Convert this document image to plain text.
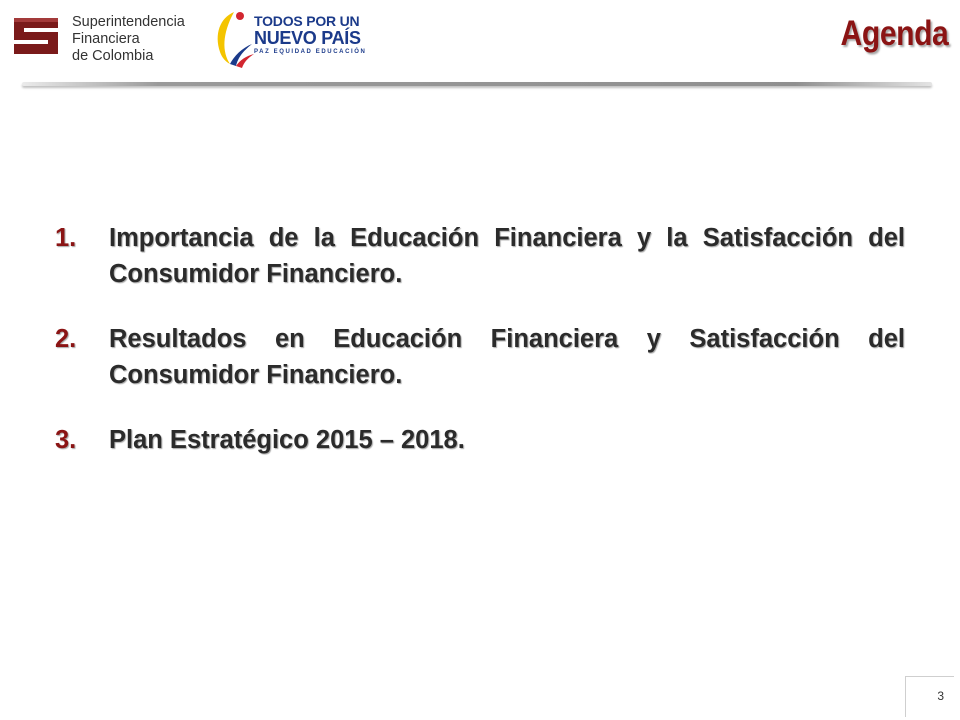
Superintendencia
Financiera
de Colombia
TODOS POR UN
NUEVO PAÍS
PAZ EQUIDAD EDUCACIÓN	Agenda
1.	Importancia de la Educación Financiera y la Satisfacción del Consumidor Financiero.
2.	Resultados en Educación Financiera y Satisfacción del Consumidor Financiero.
3.	Plan Estratégico 2015 – 2018.
3
